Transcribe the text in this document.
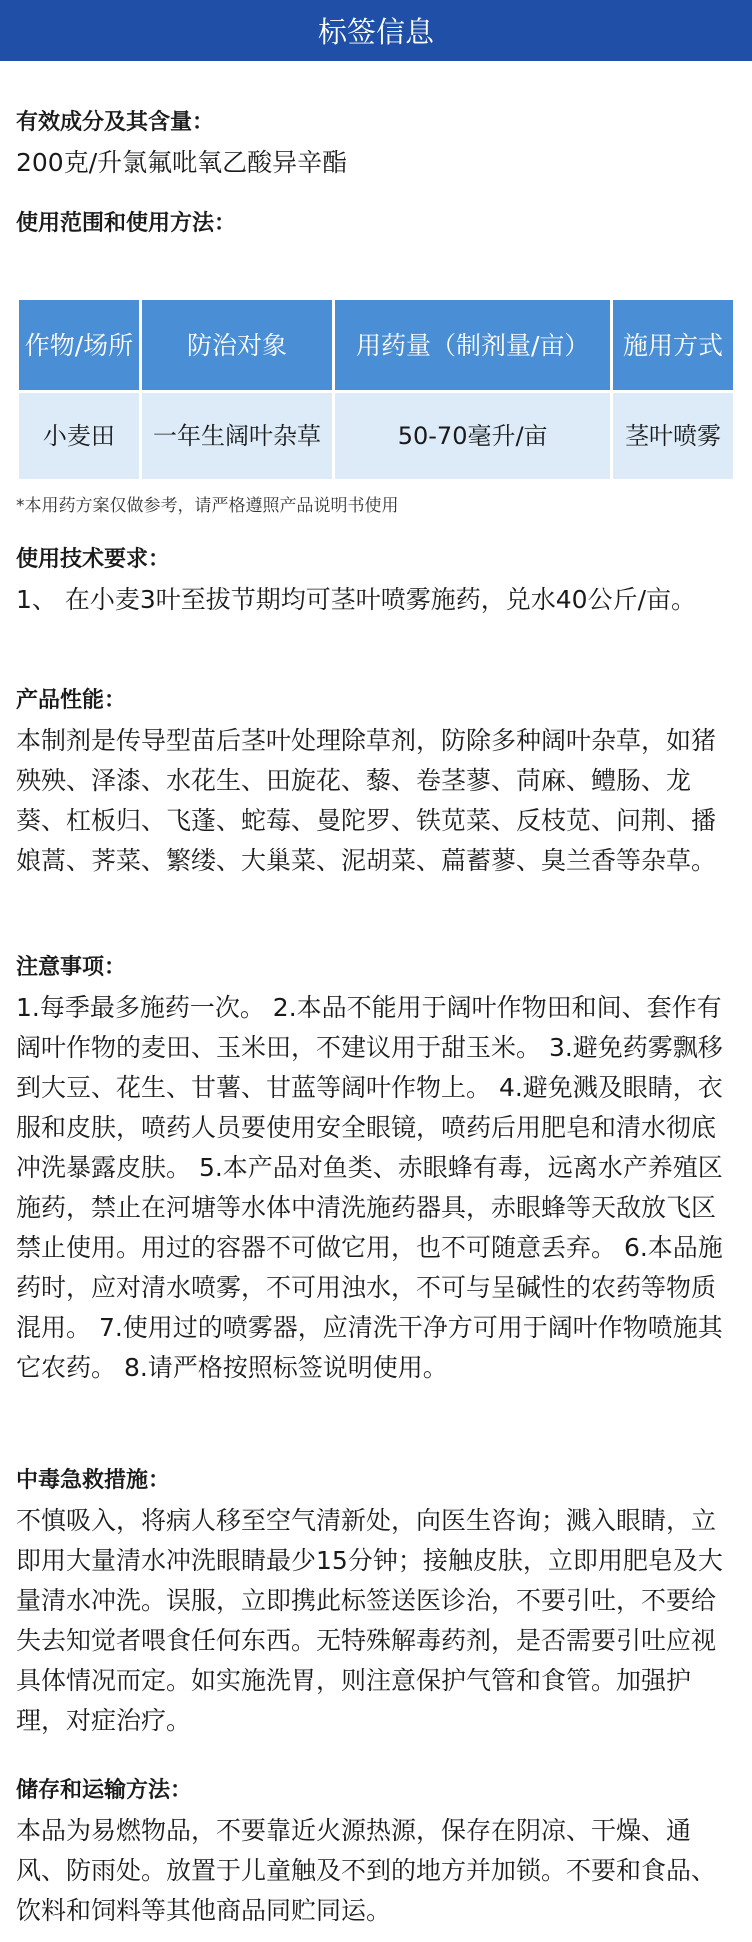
标签信息
有效成分及其含量：
200克/升氯氟吡氧乙酸异辛酯
使用范围和使用方法：
作物/场所	防治对象	用药量（制剂量/亩）	施用方式
小麦田	一年生阔叶杂草	50-70毫升/亩	茎叶喷雾
*本用药方案仅做参考，请严格遵照产品说明书使用
使用技术要求：
1、 在小麦3叶至拔节期均可茎叶喷雾施药，兑水40公斤/亩。
产品性能：
本制剂是传导型苗后茎叶处理除草剂，防除多种阔叶杂草，如猪殃殃、泽漆、水花生、田旋花、藜、卷茎蓼、苘麻、鳢肠、龙葵、杠板归、飞蓬、蛇莓、曼陀罗、铁苋菜、反枝苋、问荆、播娘蒿、荠菜、繁缕、大巢菜、泥胡菜、萹蓄蓼、臭兰香等杂草。
注意事项：
1.每季最多施药一次。 2.本品不能用于阔叶作物田和间、套作有阔叶作物的麦田、玉米田，不建议用于甜玉米。 3.避免药雾飘移到大豆、花生、甘薯、甘蓝等阔叶作物上。 4.避免溅及眼睛，衣服和皮肤，喷药人员要使用安全眼镜，喷药后用肥皂和清水彻底冲洗暴露皮肤。 5.本产品对鱼类、赤眼蜂有毒，远离水产养殖区施药，禁止在河塘等水体中清洗施药器具，赤眼蜂等天敌放飞区禁止使用。用过的容器不可做它用，也不可随意丢弃。 6.本品施药时，应对清水喷雾，不可用浊水，不可与呈碱性的农药等物质混用。 7.使用过的喷雾器，应清洗干净方可用于阔叶作物喷施其它农药。 8.请严格按照标签说明使用。
中毒急救措施：
不慎吸入，将病人移至空气清新处，向医生咨询；溅入眼睛，立即用大量清水冲洗眼睛最少15分钟；接触皮肤，立即用肥皂及大量清水冲洗。误服，立即携此标签送医诊治，不要引吐，不要给失去知觉者喂食任何东西。无特殊解毒药剂，是否需要引吐应视具体情况而定。如实施洗胃，则注意保护气管和食管。加强护理，对症治疗。
储存和运输方法：
本品为易燃物品，不要靠近火源热源，保存在阴凉、干燥、通风、防雨处。放置于儿童触及不到的地方并加锁。不要和食品、饮料和饲料等其他商品同贮同运。
